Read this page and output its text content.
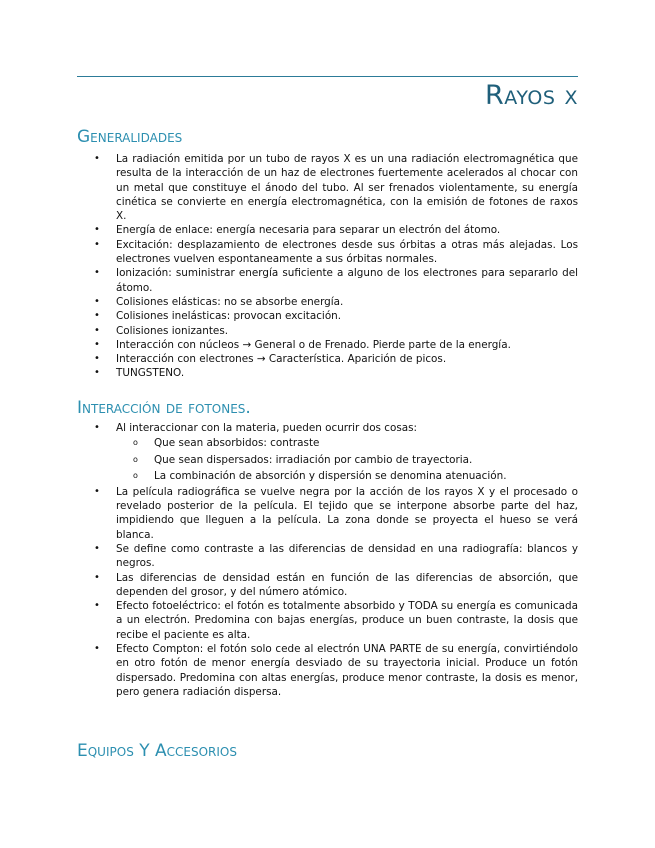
Rayos x
Generalidades
• La radiación emitida por un tubo de rayos X es un una radiación electromagnética que resulta de la interacción de un haz de electrones fuertemente acelerados al chocar con un metal que constituye el ánodo del tubo. Al ser frenados violentamente, su energía cinética se convierte en energía electromagnética, con la emisión de fotones de raxos X.
• Energía de enlace: energía necesaria para separar un electrón del átomo.
• Excitación: desplazamiento de electrones desde sus órbitas a otras más alejadas. Los electrones vuelven espontaneamente a sus órbitas normales.
• Ionización: suministrar energía suficiente a alguno de los electrones para separarlo del átomo.
• Colisiones elásticas: no se absorbe energía.
• Colisiones inelásticas: provocan excitación.
• Colisiones ionizantes.
• Interacción con núcleos → General o de Frenado. Pierde parte de la energía.
• Interacción con electrones → Característica. Aparición de picos.
• TUNGSTENO.
Interacción de fotones.
• Al interaccionar con la materia, pueden ocurrir dos cosas:
o Que sean absorbidos: contraste
o Que sean dispersados: irradiación por cambio de trayectoria.
o La combinación de absorción y dispersión se denomina atenuación.
• La película radiográfica se vuelve negra por la acción de los rayos X y el procesado o revelado posterior de la película. El tejido que se interpone absorbe parte del haz, impidiendo que lleguen a la película. La zona donde se proyecta el hueso se verá blanca.
• Se define como contraste a las diferencias de densidad en una radiografía: blancos y negros.
• Las diferencias de densidad están en función de las diferencias de absorción, que dependen del grosor, y del número atómico.
• Efecto fotoeléctrico: el fotón es totalmente absorbido y TODA su energía es comunicada a un electrón. Predomina con bajas energías, produce un buen contraste, la dosis que recibe el paciente es alta.
• Efecto Compton: el fotón solo cede al electrón UNA PARTE de su energía, convirtiéndolo en otro fotón de menor energía desviado de su trayectoria inicial. Produce un fotón dispersado. Predomina con altas energías, produce menor contraste, la dosis es menor, pero genera radiación dispersa.
Equipos Y Accesorios
